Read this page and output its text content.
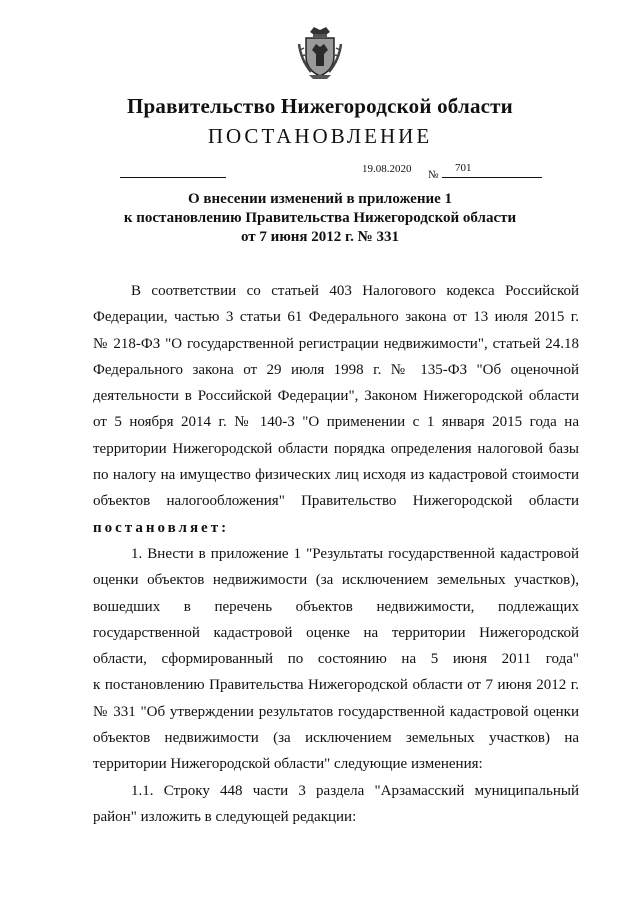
Правительство Нижегородской области
ПОСТАНОВЛЕНИЕ
19.08.2020 №
701
О внесении изменений в приложение 1
к постановлению Правительства Нижегородской области
от 7 июня 2012 г. № 331

В соответствии со статьей 403 Налогового кодекса Российской

Федерации, частью 3 статьи 61 Федерального закона от 13 июля 2015 г.

№ 218-ФЗ "О государственной регистрации недвижимости", статьей 24.18

Федерального закона от 29 июля 1998 г. № 135-ФЗ "Об оценочной

деятельности в Российской Федерации", Законом Нижегородской области

от 5 ноября 2014 г. № 140-З "О применении с 1 января 2015 года на

территории Нижегородской области порядка определения налоговой базы

по налогу на имущество физических лиц исходя из кадастровой стоимости

объектов налогообложения" Правительство Нижегородской области

постановляет:

1. Внести в приложение 1 "Результаты государственной кадастровой

оценки объектов недвижимости (за исключением земельных участков),

вошедших в перечень объектов недвижимости, подлежащих

государственной кадастровой оценке на территории Нижегородской

области, сформированный по состоянию на 5 июня 2011 года"

к постановлению Правительства Нижегородской области от 7 июня 2012 г.

№ 331 "Об утверждении результатов государственной кадастровой оценки

объектов недвижимости (за исключением земельных участков) на

территории Нижегородской области" следующие изменения:

1.1. Строку 448 части 3 раздела "Арзамасский муниципальный

район" изложить в следующей редакции:
